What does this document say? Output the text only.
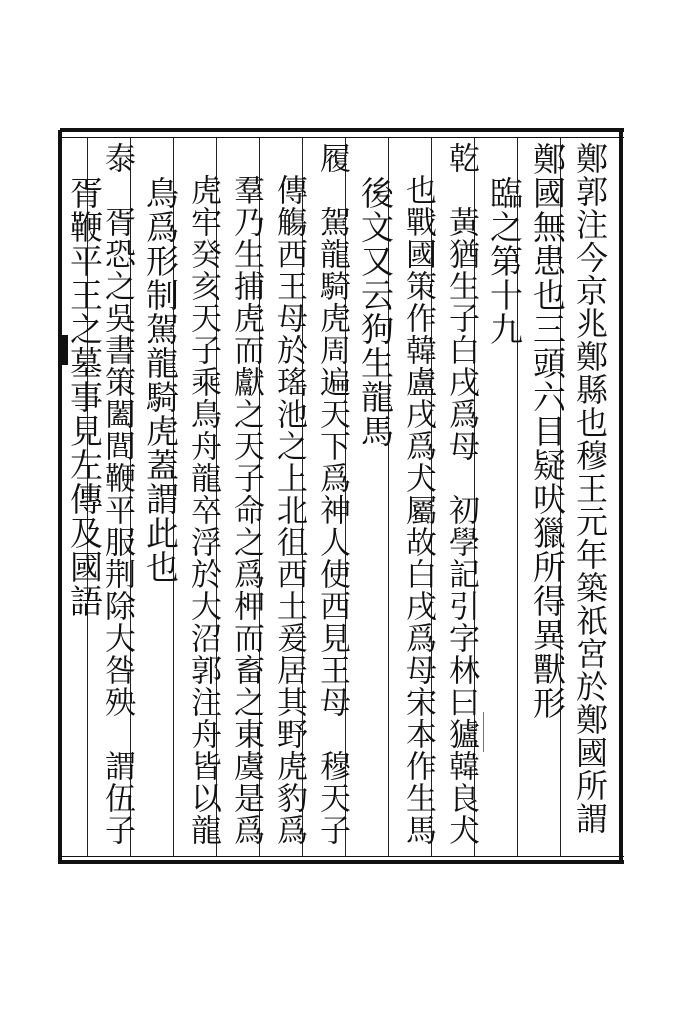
鄭郭注今京兆鄭縣也穆王元年築祇宮於鄭國所謂
鄭國無患也三頭六目疑吠獵所得異獸形
　臨之第十九
乾　黃猶生子白戌爲母　初學記引字林曰獹韓良犬
　也戰國策作韓盧戌爲犬屬故白戌爲母宋本作生馬
　後文又云狗生龍馬
履　駕龍騎虎周遍天下爲神人使西見王母　穆天子
　傳觴西王母於瑤池之上北徂西土爰居其野虎豹爲
　羣乃生捕虎而獻之天子命之爲柙而畜之東虞是爲
　虎牢癸亥天子乘鳥舟龍卒浮於大沼郭注舟皆以龍
　鳥爲形制駕龍騎虎蓋謂此也
泰　胥恐之吳書策闔閭鞭平服荆除大咎殃　謂伍子
　胥鞭平王之墓事見左傳及國語
